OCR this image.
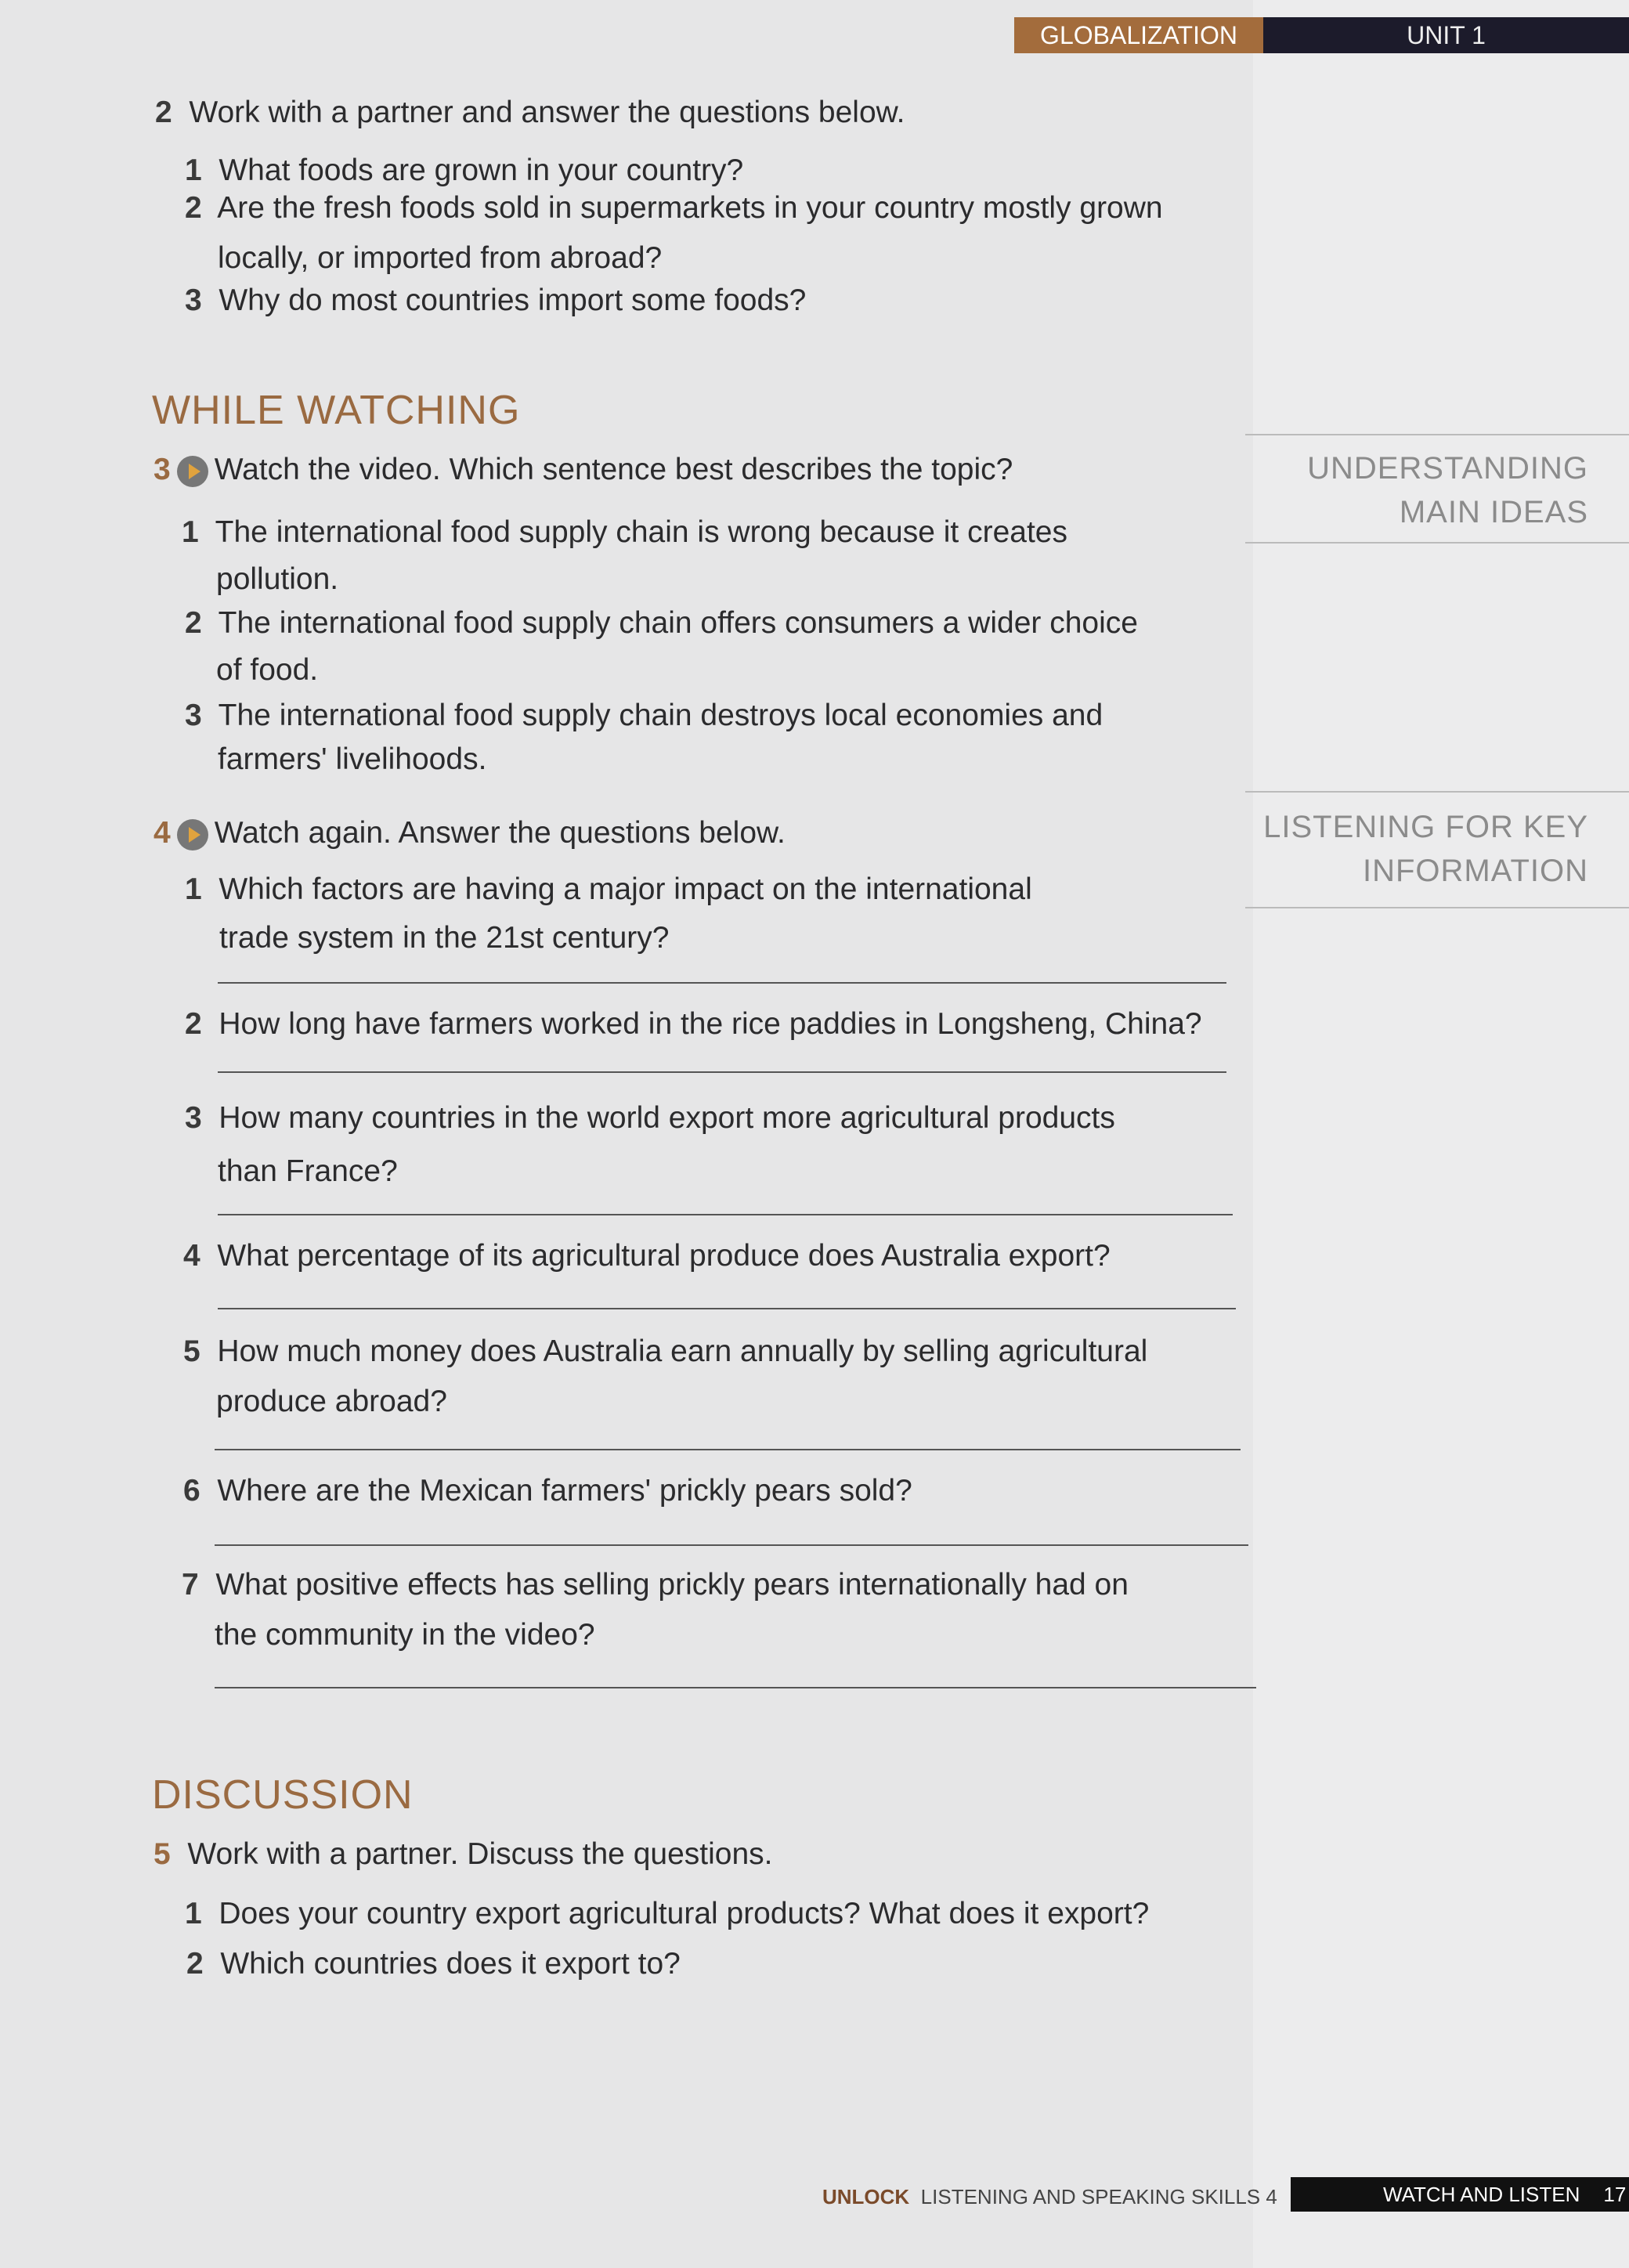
GLOBALIZATION	UNIT 1
2 Work with a partner and answer the questions below.
1 What foods are grown in your country?
2 Are the fresh foods sold in supermarkets in your country mostly grown
locally, or imported from abroad?
3 Why do most countries import some foods?
WHILE WATCHING
3 Watch the video. Which sentence best describes the topic?
1 The international food supply chain is wrong because it creates
pollution.
2 The international food supply chain offers consumers a wider choice
of food.
3 The international food supply chain destroys local economies and
farmers' livelihoods.
4 Watch again. Answer the questions below.
1 Which factors are having a major impact on the international
trade system in the 21st century?
2 How long have farmers worked in the rice paddies in Longsheng, China?
3 How many countries in the world export more agricultural products
than France?
4 What percentage of its agricultural produce does Australia export?
5 How much money does Australia earn annually by selling agricultural
produce abroad?
6 Where are the Mexican farmers' prickly pears sold?
7 What positive effects has selling prickly pears internationally had on
the community in the video?
DISCUSSION
5 Work with a partner. Discuss the questions.
1 Does your country export agricultural products? What does it export?
2 Which countries does it export to?
UNDERSTANDING
MAIN IDEAS
LISTENING FOR KEY
INFORMATION
UNLOCK LISTENING AND SPEAKING SKILLS 4	WATCH AND LISTEN 17
